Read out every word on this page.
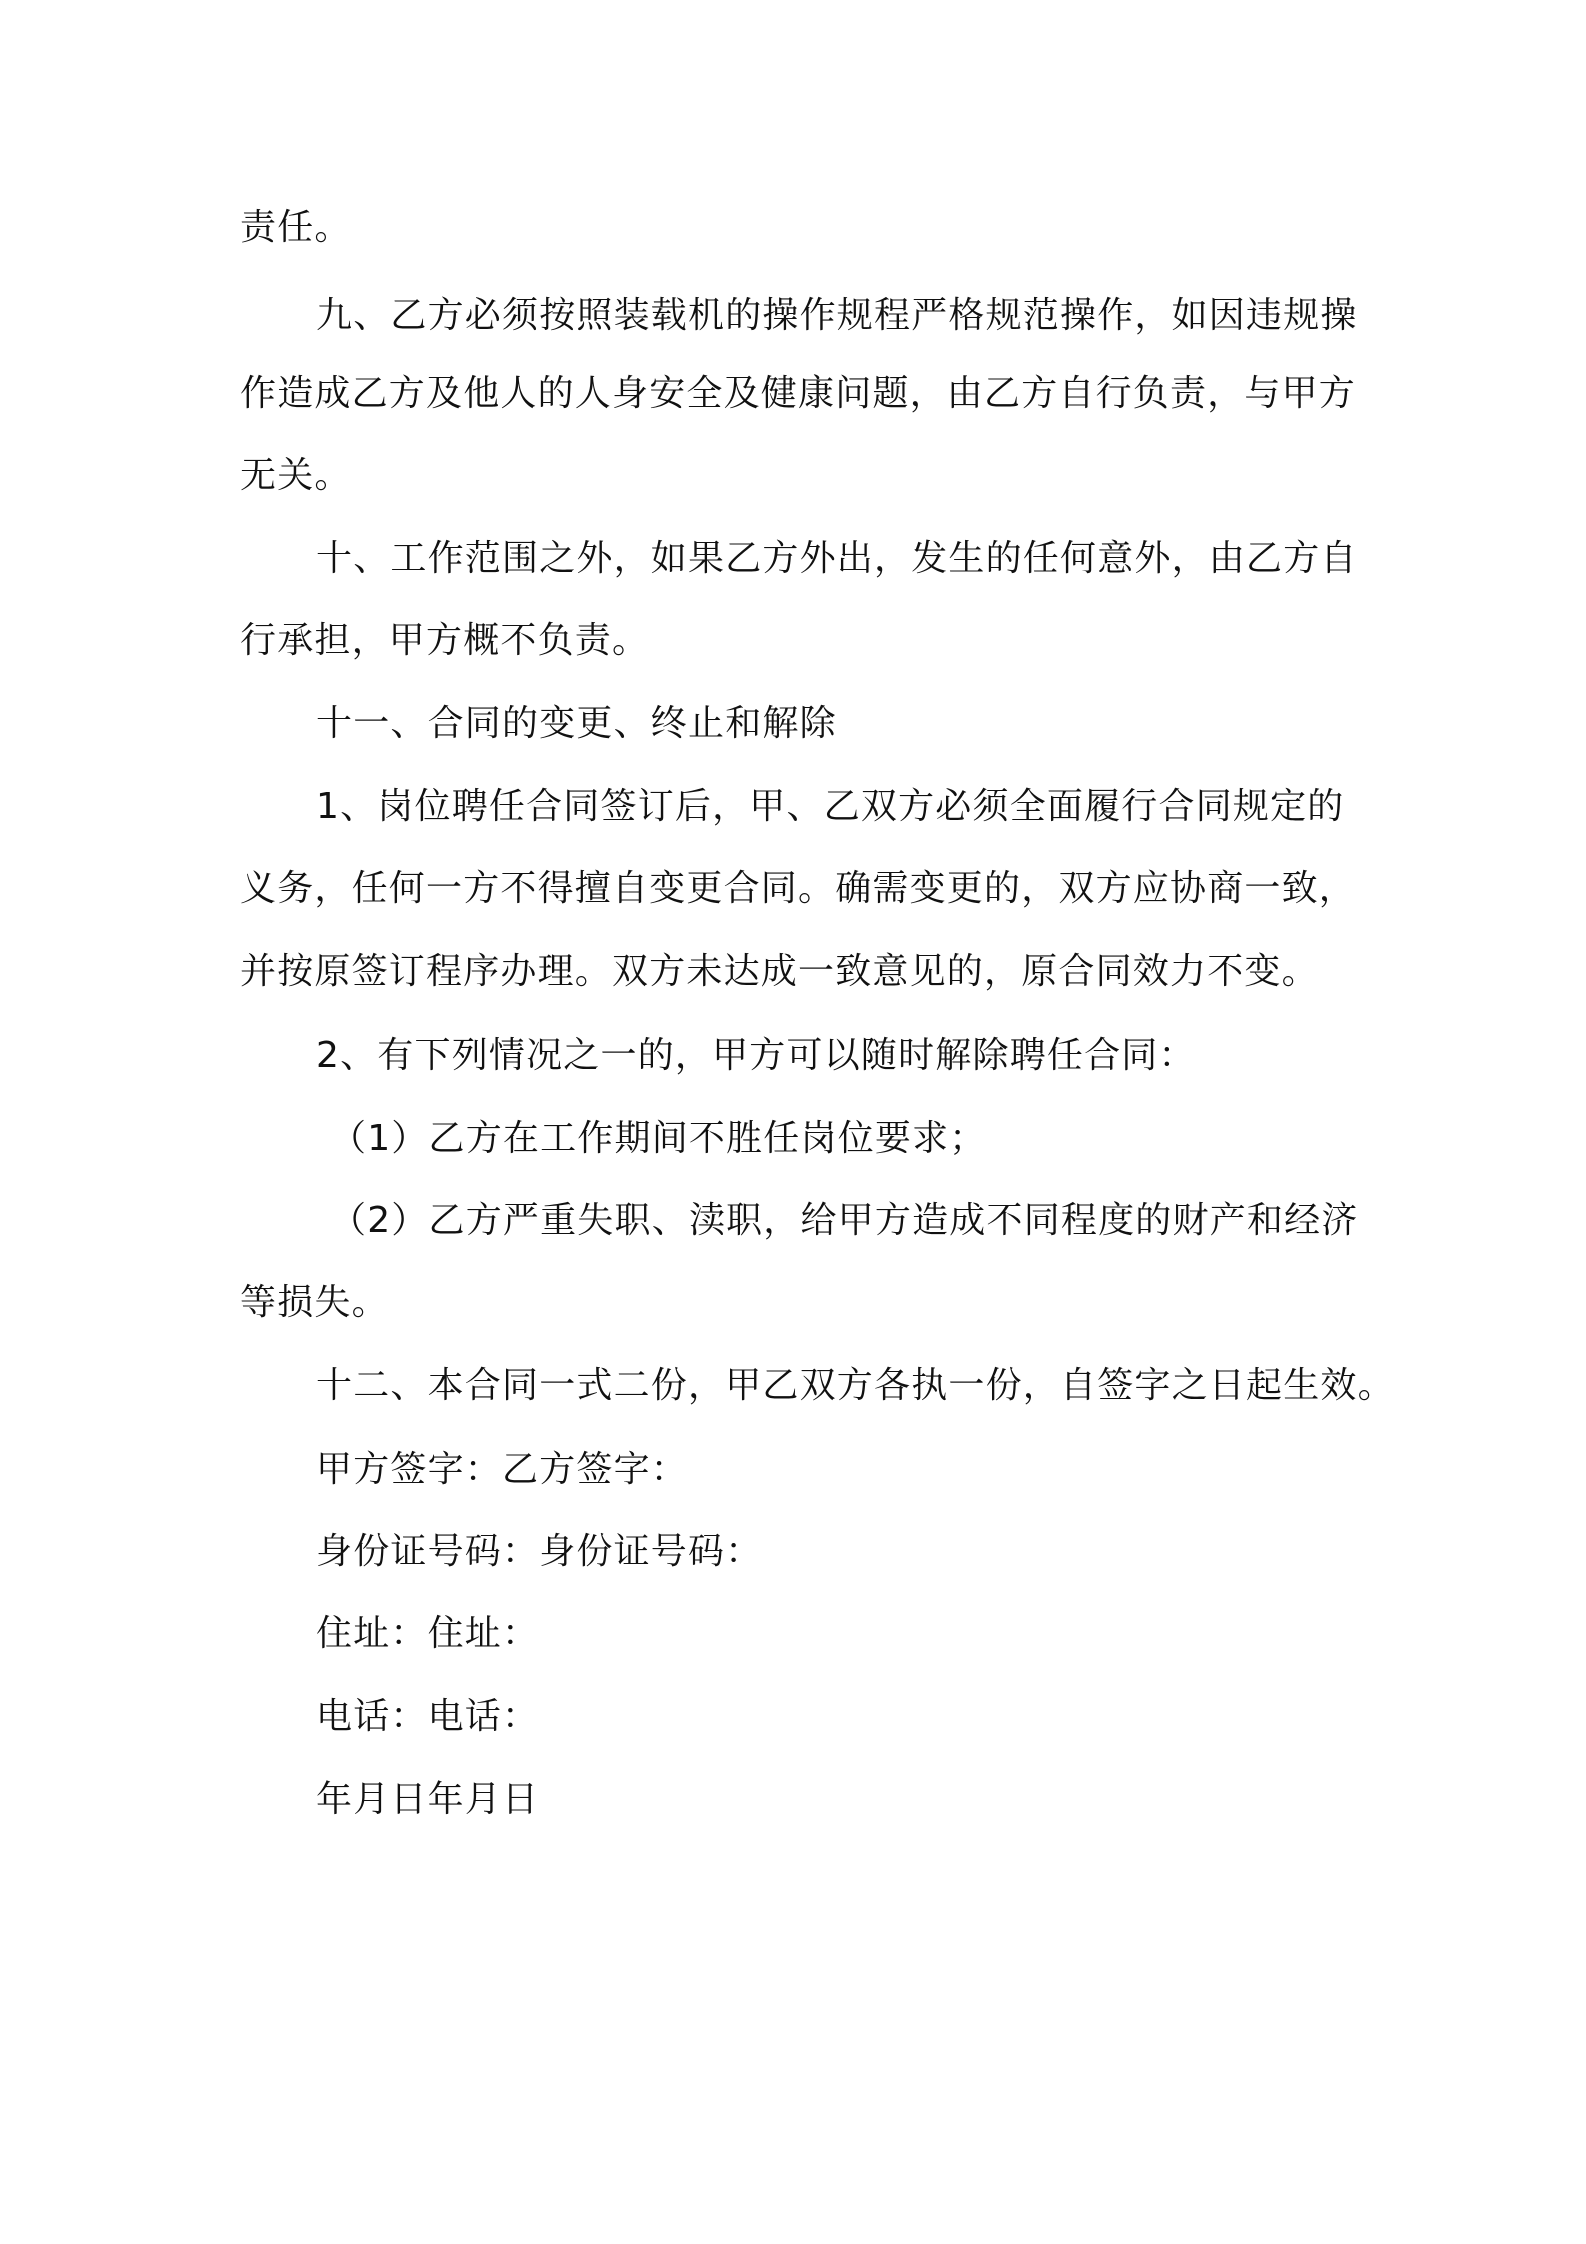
责任。
九、乙方必须按照装载机的操作规程严格规范操作，如因违规操
作造成乙方及他人的人身安全及健康问题，由乙方自行负责，与甲方
无关。
十、工作范围之外，如果乙方外出，发生的任何意外，由乙方自
行承担，甲方概不负责。
十一、合同的变更、终止和解除
1、岗位聘任合同签订后，甲、乙双方必须全面履行合同规定的
义务，任何一方不得擅自变更合同。确需变更的，双方应协商一致，
并按原签订程序办理。双方未达成一致意见的，原合同效力不变。
2、有下列情况之一的，甲方可以随时解除聘任合同：
（1）乙方在工作期间不胜任岗位要求；
（2）乙方严重失职、渎职，给甲方造成不同程度的财产和经济
等损失。
十二、本合同一式二份，甲乙双方各执一份，自签字之日起生效。
甲方签字：乙方签字：
身份证号码：身份证号码：
住址：住址：
电话：电话：
年月日年月日
